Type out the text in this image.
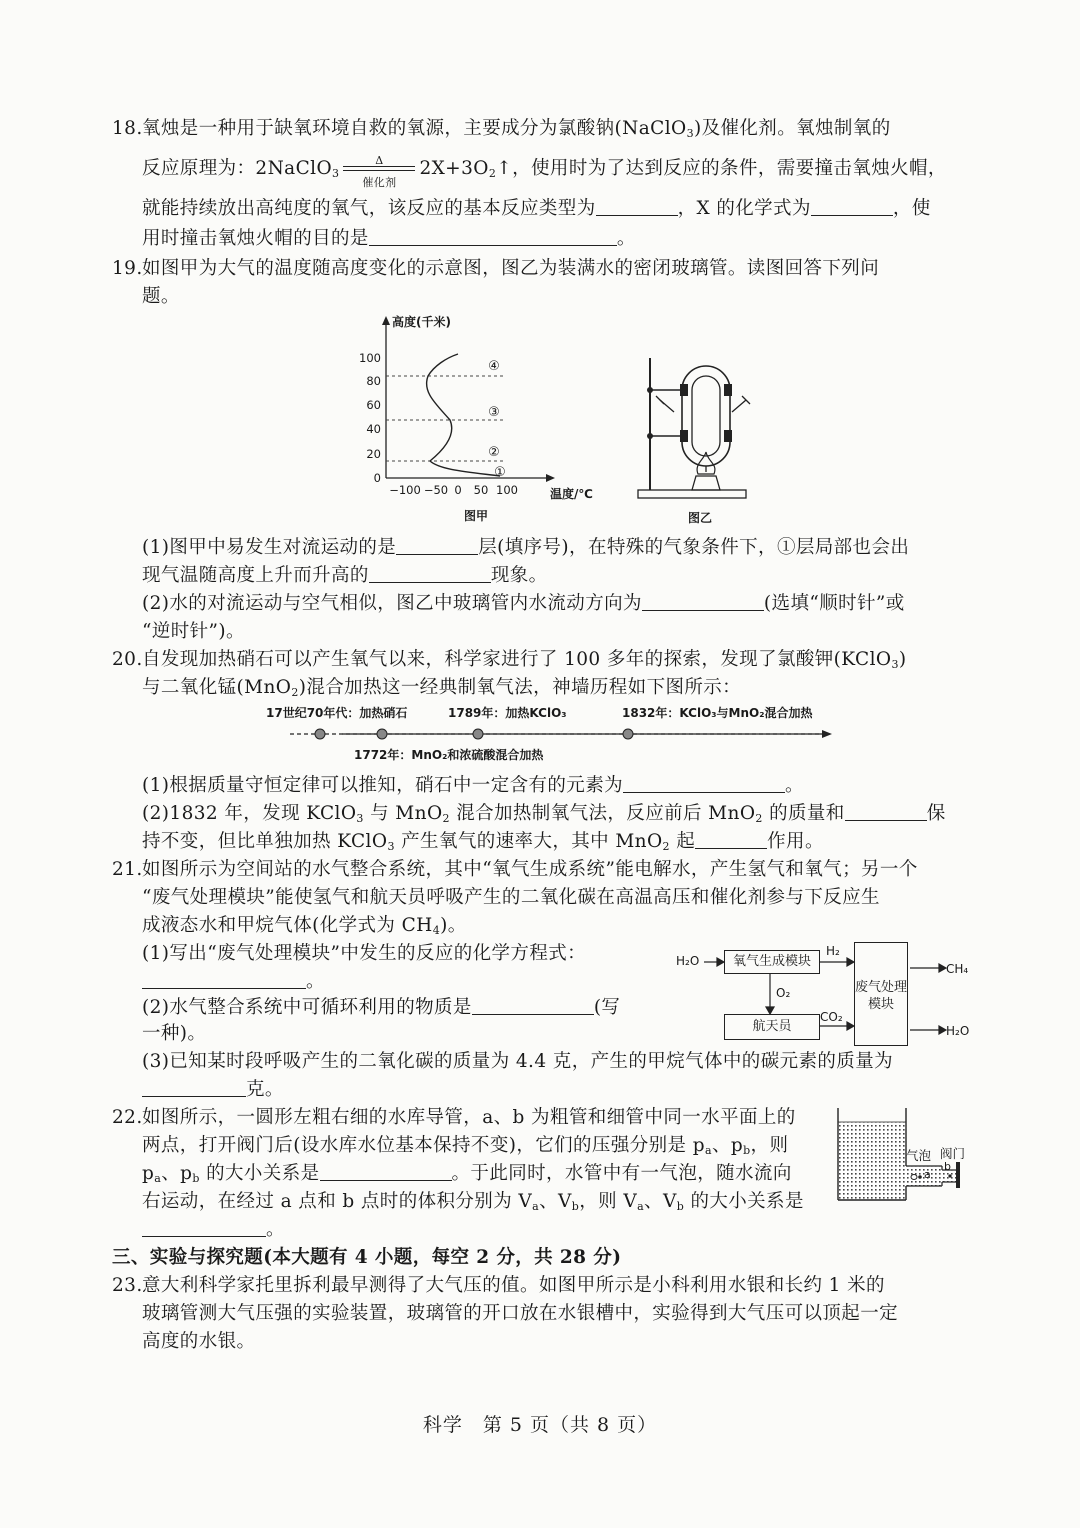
18. 氧烛是一种用于缺氧环境自救的氧源，主要成分为氯酸钠(NaClO$_3$)及催化剂。氧烛制氧的
反应原理为：2NaClO$_3$ $\frac{\Delta}{\text{催化剂}}$ $2X+3O_2↑$，使用时为了达到反应的条件，需要撞击氧烛火帽，
就能持续放出高纯度的氧气，该反应的基本反应类型为	，X 的化学式为	，使
用时撞击氧烛火帽的目的是	。
19. 如图甲为大气的温度随高度变化的示意图，图乙为装满水的密闭玻璃管。读图回答下列问
题。
高度(千米)
温度/℃
100
80
60
40
20
0
−100 −50 0 50 100
④
③
②
①
图甲	图乙
(1)图甲中易发生对流运动的是	层(填序号)，在特殊的气象条件下，①层局部也会出
现气温随高度上升而升高的	现象。
(2)水的对流运动与空气相似，图乙中玻璃管内水流动方向为	(选填“顺时针”或
“逆时针”)。
20. 自发现加热硝石可以产生氧气以来，科学家进行了 100 多年的探索，发现了氯酸钾(KClO$_3$)
与二氧化锰(MnO$_2$)混合加热这一经典制氧气法，神墙历程如下图所示：
17世纪70年代：加热硝石	1789年：加热KClO₃	1832年：KClO₃与MnO₂混合加热
1772年：MnO₂和浓硫酸混合加热
(1)根据质量守恒定律可以推知，硝石中一定含有的元素为	。
(2)1832 年，发现 KClO$_3$ 与 MnO$_2$ 混合加热制氧气法，反应前后 MnO$_2$ 的质量和	保
持不变，但比单独加热 KClO$_3$ 产生氧气的速率大，其中 MnO$_2$ 起	作用。
21. 如图所示为空间站的水气整合系统，其中“氧气生成系统”能电解水，产生氢气和氧气；另一个
“废气处理模块”能使氢气和航天员呼吸产生的二氧化碳在高温高压和催化剂参与下反应生
成液态水和甲烷气体(化学式为 $CH_4$)。
(1)写出“废气处理模块”中发生的反应的化学方程式：
。
(2)水气整合系统中可循环利用的物质是	(写
一种)。
(3)已知某时段呼吸产生的二氧化碳的质量为 4.4 克，产生的甲烷气体中的碳元素的质量为
克。
H₂O	氧气生成模块
H₂
废气处理模块
CH₄
O₂
航天员
CO₂
H₂O
22. 如图所示，一圆形左粗右细的水库导管，a、b 为粗管和细管中同一水平面上的
两点，打开阀门后(设水库水位基本保持不变)，它们的压强分别是 $p_a$、$p_b$，则
$p_a$、$p_b$ 的大小关系是	。于此同时，水管中有一气泡，随水流向
右运动，在经过 a 点和 b 点时的体积分别为 $V_a$、$V_b$，则 $V_a$、$V_b$ 的大小关系是
。
气泡 阀门
a
b
三、实验与探究题(本大题有 4 小题，每空 2 分，共 28 分)
23. 意大利科学家托里拆利最早测得了大气压的值。如图甲所示是小科利用水银和长约 1 米的
玻璃管测大气压强的实验装置，玻璃管的开口放在水银槽中，实验得到大气压可以顶起一定
高度的水银。
科学　第 5 页（共 8 页）
